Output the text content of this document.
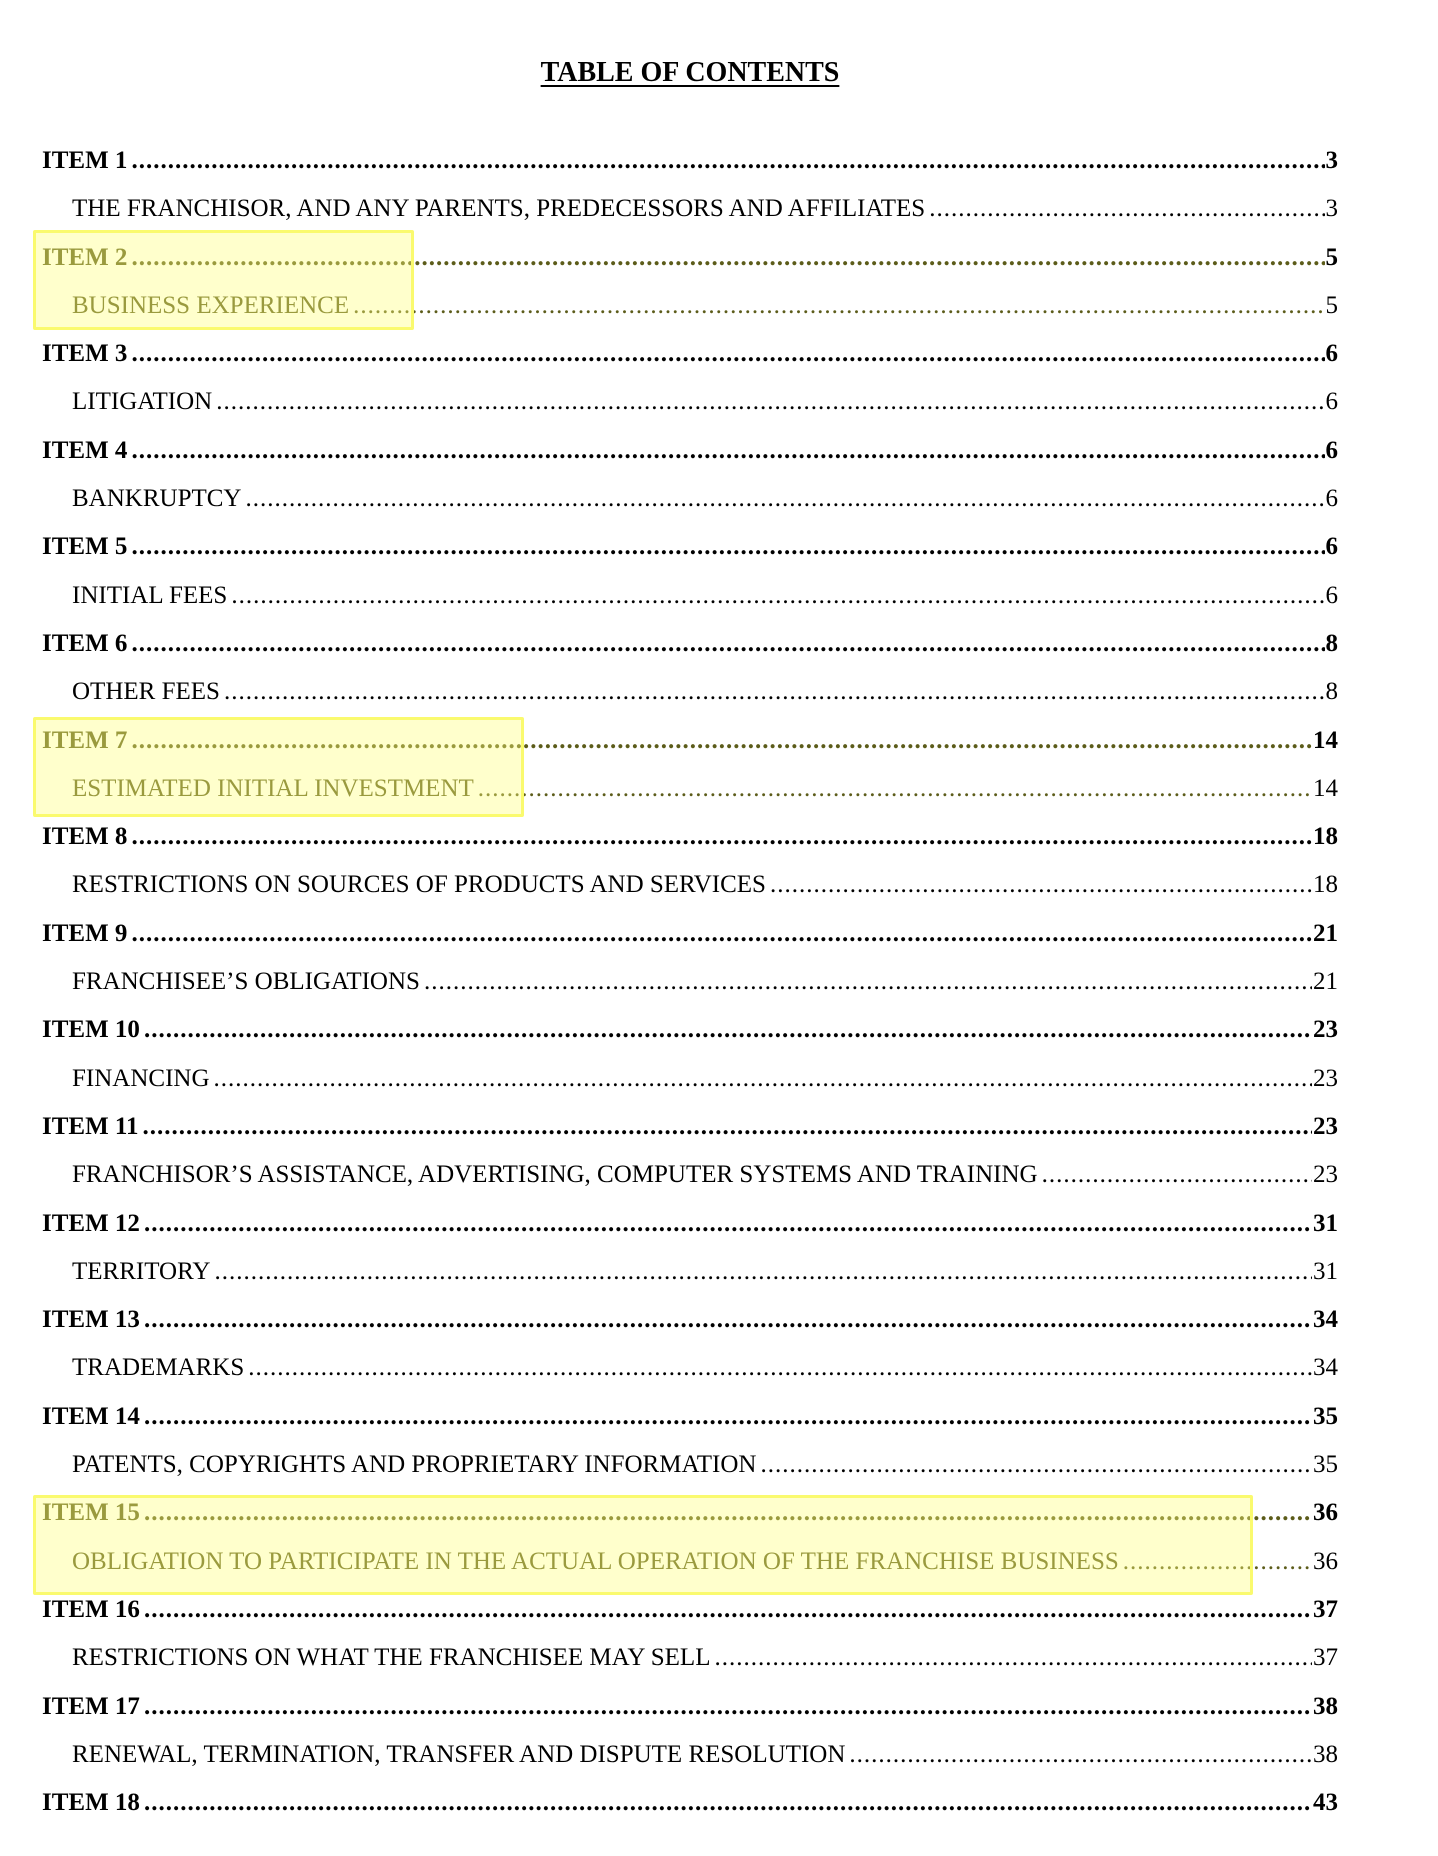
TABLE OF CONTENTS
ITEM 1 .....	3
THE FRANCHISOR, AND ANY PARENTS, PREDECESSORS AND AFFILIATES .....	3
ITEM 2 .....	5
BUSINESS EXPERIENCE .....	5
ITEM 3 .....	6
LITIGATION .....	6
ITEM 4 .....	6
BANKRUPTCY .....	6
ITEM 5 .....	6
INITIAL FEES .....	6
ITEM 6 .....	8
OTHER FEES .....	8
ITEM 7 .....	14
ESTIMATED INITIAL INVESTMENT .....	14
ITEM 8 .....	18
RESTRICTIONS ON SOURCES OF PRODUCTS AND SERVICES .....	18
ITEM 9 .....	21
FRANCHISEE’S OBLIGATIONS .....	21
ITEM 10 .....	23
FINANCING .....	23
ITEM 11 .....	23
FRANCHISOR’S ASSISTANCE, ADVERTISING, COMPUTER SYSTEMS AND TRAINING .....	23
ITEM 12 .....	31
TERRITORY .....	31
ITEM 13 .....	34
TRADEMARKS .....	34
ITEM 14 .....	35
PATENTS, COPYRIGHTS AND PROPRIETARY INFORMATION .....	35
ITEM 15 .....	36
OBLIGATION TO PARTICIPATE IN THE ACTUAL OPERATION OF THE FRANCHISE BUSINESS .....	36
ITEM 16 .....	37
RESTRICTIONS ON WHAT THE FRANCHISEE MAY SELL .....	37
ITEM 17 .....	38
RENEWAL, TERMINATION, TRANSFER AND DISPUTE RESOLUTION .....	38
ITEM 18 .....	43
